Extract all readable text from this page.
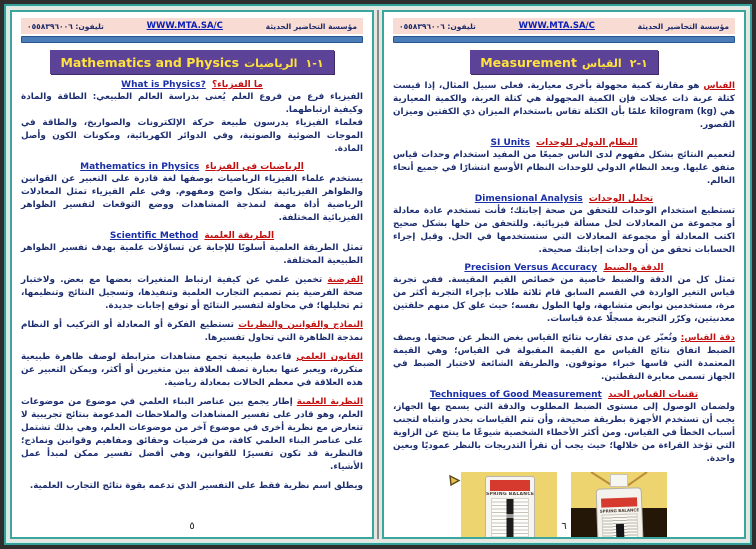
مؤسسة التحاضير الحديثة
WWW.MTA.SA/C
تليفون: ٠٥٥٨٣٩٦٠٠٦
١-١ الرياضيات Mathematics and Physics
ما الفيزياء؟ What is Physics?
الفيزياء فرع من فروع العلم يُعنى بدراسة العالم الطبيعي: الطاقة والمادة وكيفية ارتباطهما.
فعلماء الفيزياء يدرسون طبيعة حركة الإلكترونات والصواريخ، والطاقة في الموجات الضوئية والصوتية، وفي الدوائر الكهربائية، ومكونات الكون وأصل المادة.
الرياضيات في الفيزياء Mathematics in Physics
يستخدم علماء الفيزياء الرياضيات بوصفها لغة قادرة على التعبير عن القوانين والظواهر الفيزيائية بشكل واضح ومفهوم. وفي علم الفيزياء تمثل المعادلات الرياضية أداة مهمة لنمذجة المشاهدات ووضع التوقعات لتفسير الظواهر الفيزيائية المختلفة.
الطريقة العلمية Scientific Method
تمثل الطريقة العلمية أسلوبًا للإجابة عن تساؤلات علمية بهدف تفسير الظواهر الطبيعية المختلفة.
الفرضية تخمين علمي عن كيفية ارتباط المتغيرات بعضها مع بعض. ولاختبار صحة الفرضية يتم تصميم التجارب العلمية وتنفيذها، وتسجيل النتائج وتنظيمها، ثم تحليلها؛ في محاولة لتفسير النتائج أو توقع إجابات جديدة.
النماذج والقوانين والنظريات تستطيع الفكرة أو المعادلة أو التركيب أو النظام نمذجة الظاهرة التي تحاول تفسيرها.
القانون العلمي قاعدة طبيعية تجمع مشاهدات مترابطة لوصف ظاهرة طبيعية متكررة، ويعبر عنها بعبارة تصف العلاقة بين متغيرين أو أكثر، ويمكن التعبير عن هذه العلاقة في معظم الحالات بمعادلة رياضية.
النظرية العلمية إطار يجمع بين عناصر البناء العلمي في موضوع من موضوعات العلم، وهو قادر على تفسير المشاهدات والملاحظات المدعومة بنتائج تجريبية لا تتعارض مع نظرية أخرى في موضوع آخر من موضوعات العلم، وهي بذلك تشتمل على عناصر البناء العلمي كافة، من فرضيات وحقائق ومفاهيم وقوانين ونماذج؛ فالنظرية قد تكون تفسيرًا للقوانين، وهي أفضل تفسير ممكن لمبدأ عمل الأشياء.
ويطلق اسم نظرية فقط على التفسير الذي تدعمه بقوة نتائج التجارب العلمية.
٥
مؤسسة التحاضير الحديثة
WWW.MTA.SA/C
تليفون: ٠٥٥٨٣٩٦٠٠٦
١-٢ القياس Measurement
القياس هو مقارنة كمية مجهولة بأخرى معيارية. فعلى سبيل المثال، إذا قيست كتلة عربة ذات عجلات فإن الكمية المجهولة هي كتلة العربة، والكمية المعيارية هي kilogram (kg) علمًا بأن الكتلة تقاس باستخدام الميزان ذي الكفتين وميزان القصور.
النظام الدولي للوحدات SI Units
لتعميم النتائج بشكل مفهوم لدى الناس جميعًا من المفيد استخدام وحدات قياس متفق عليها. ويعد النظام الدولي للوحدات النظام الأوسع انتشارًا في جميع أنحاء العالم.
تحليل الوحدات Dimensional Analysis
تستطيع استخدام الوحدات للتحقق من صحة إجابتك؛ فأنت تستخدم عادة معادلة أو مجموعة من المعادلات لحل مسألة فيزيائية. وللتحقق من حلها بشكل صحيح اكتب المعادلة أو مجموعة المعادلات التي ستستخدمها في الحل. وقبل إجراء الحسابات تحقق من أن وحدات إجابتك صحيحة.
الدقة والضبط Precision Versus Accuracy
تمثل كل من الدقة والضبط خاصية من خصائص القيم المقيسة. ففي تجربة قياس التغير الواردة في القسم السابق قام ثلاثة طلاب بإجراء التجربة أكثر من مرة، مستخدمين نوابض متشابهة، ولها الطول نفسه؛ حيث علق كل منهم حلقتين معدنيتين، وكرّر التجربة مسجلًا عدة قياسات.
دقة القياس: وتُعبّر عن مدى تقارب نتائج القياس بغض النظر عن صحتها. ويصف الضبط اتفاق نتائج القياس مع القيمة المقبولة في القياس؛ وهي القيمة المعتمدة التي قاسها خبراء موثوقون. والطريقة الشائعة لاختبار الضبط في الجهاز تسمى معايرة النقطتين.
تقنيات القياس الجيد Techniques of Good Measurement
ولضمان الوصول إلى مستوى الضبط المطلوب والدقة التي يسمح بها الجهاز، يجب أن تستخدم الأجهزة بطريقة صحيحة، وأن تتم القياسات بحذر وانتباه لتجنب أسباب الخطأ في القياس. ومن أكثر الأخطاء الشخصية شيوعًا ما ينتج عن الزاوية التي تؤخذ القراءة من خلالها؛ حيث يجب أن تقرأ التدريجات بالنظر عموديًا وبعين واحدة.
SPRING BALANCE
SPRING BALANCE
٦
